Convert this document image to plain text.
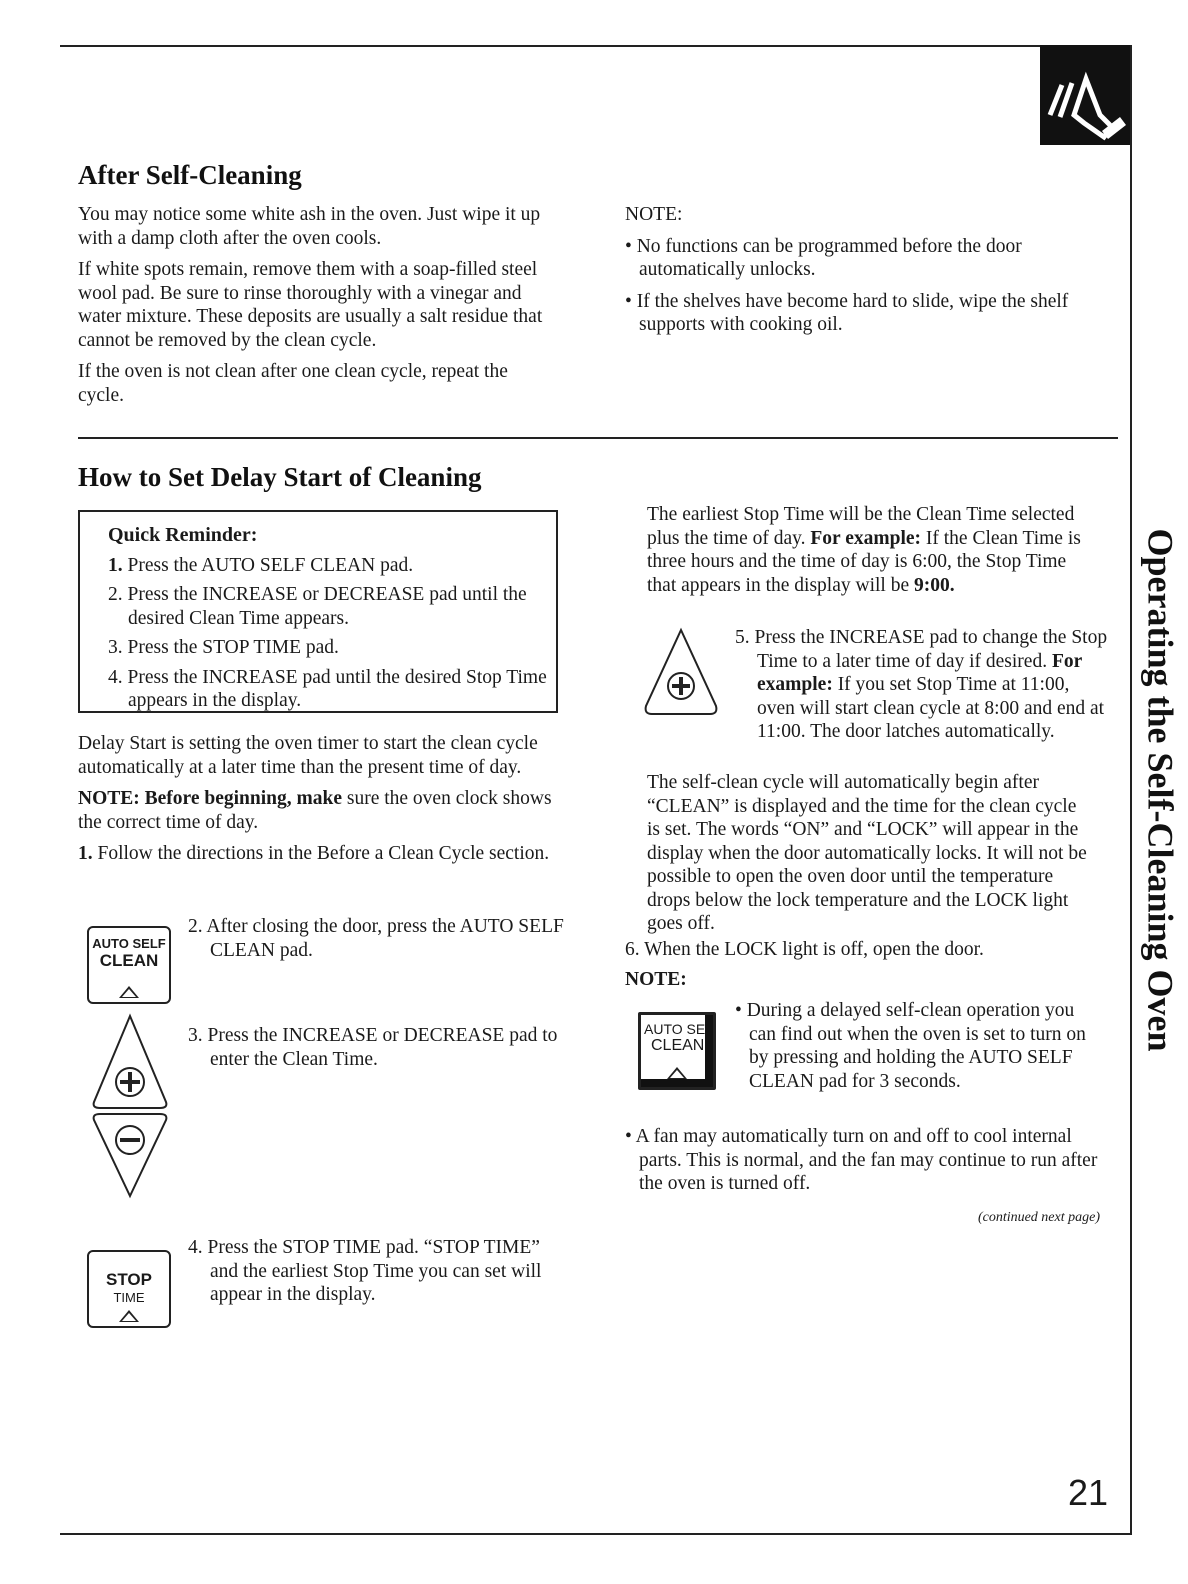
Operating the Self-Cleaning Oven
After Self-Cleaning

You may notice some white ash in the oven. Just wipe it up with a damp cloth after the oven cools.

If white spots remain, remove them with a soap-filled steel wool pad. Be sure to rinse thoroughly with a vinegar and water mixture. These deposits are usually a salt residue that cannot be removed by the clean cycle.

If the oven is not clean after one clean cycle, repeat the cycle.

NOTE:

• No functions can be programmed before the door automatically unlocks.

• If the shelves have become hard to slide, wipe the shelf supports with cooking oil.

How to Set Delay Start of Cleaning
Quick Reminder:

1. Press the AUTO SELF CLEAN pad.

2. Press the INCREASE or DECREASE pad until the desired Clean Time appears.

3. Press the STOP TIME pad.

4. Press the INCREASE pad until the desired Stop Time appears in the display.

Delay Start is setting the oven timer to start the clean cycle automatically at a later time than the present time of day.

NOTE: Before beginning, make sure the oven clock shows the correct time of day.

1. Follow the directions in the Before a Clean Cycle section.

AUTO SELF
CLEAN

2. After closing the door, press the AUTO SELF CLEAN pad.

3. Press the INCREASE or DECREASE pad to enter the Clean Time.

STOP
TIME

4. Press the STOP TIME pad. “STOP TIME” and the earliest Stop Time you can set will appear in the display.

The earliest Stop Time will be the Clean Time selected plus the time of day. For example: If the Clean Time is three hours and the time of day is 6:00, the Stop Time that appears in the display will be 9:00.

5. Press the INCREASE pad to change the Stop Time to a later time of day if desired. For example: If you set Stop Time at 11:00, oven will start clean cycle at 8:00 and end at 11:00. The door latches automatically.

The self-clean cycle will automatically begin after “CLEAN” is displayed and the time for the clean cycle is set. The words “ON” and “LOCK” will appear in the display when the door automatically locks. It will not be possible to open the oven door until the temperature drops below the lock temperature and the LOCK light goes off.

6. When the LOCK light is off, open the door.

NOTE:

AUTO SEL
CLEAN

• During a delayed self-clean operation you can find out when the oven is set to turn on by pressing and holding the AUTO SELF CLEAN pad for 3 seconds.

• A fan may automatically turn on and off to cool internal parts. This is normal, and the fan may continue to run after the oven is turned off.

(continued next page)

21
